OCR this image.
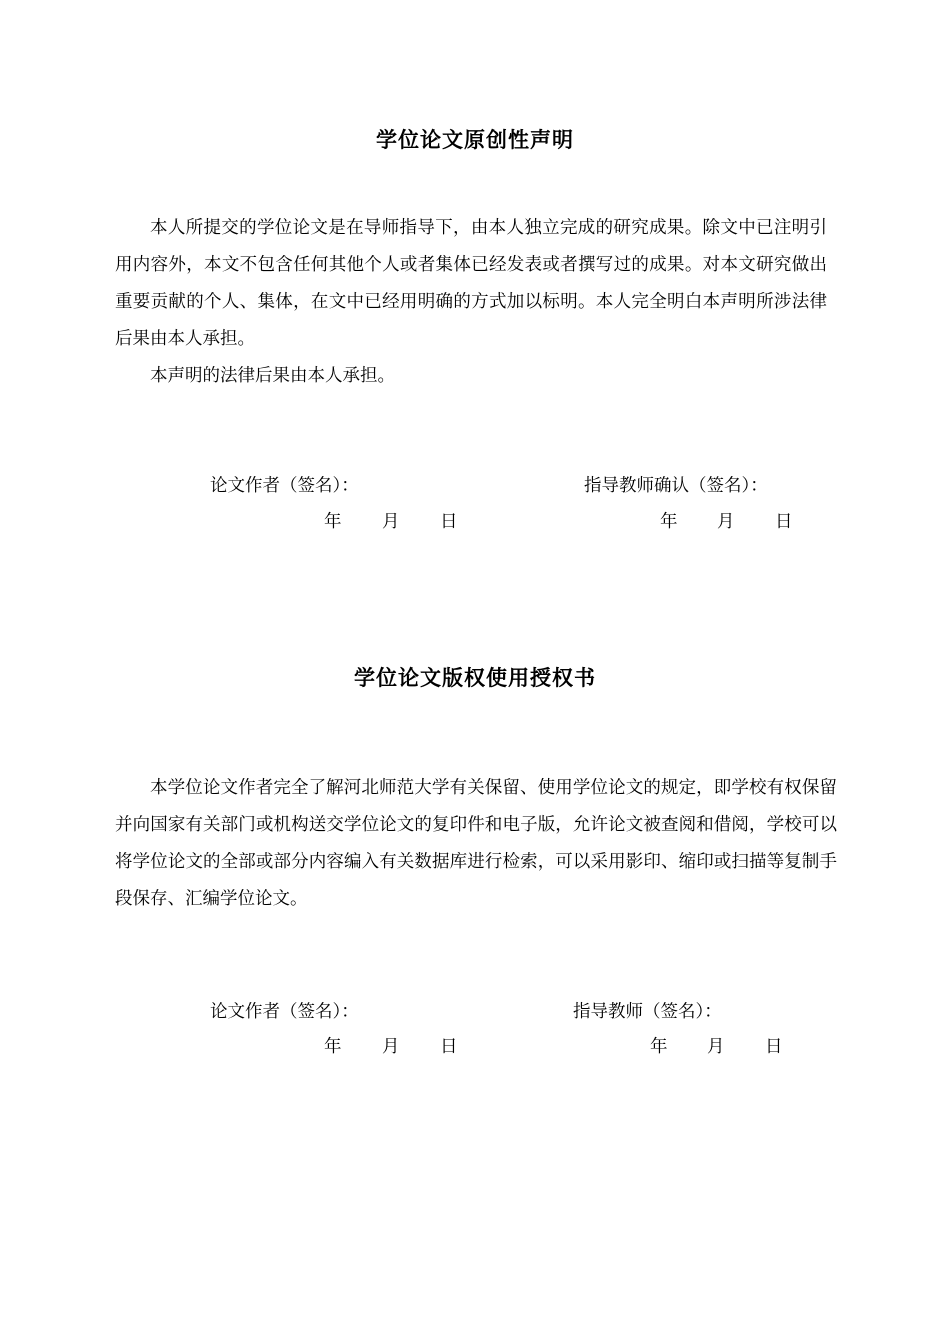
学位论文原创性声明

本人所提交的学位论文是在导师指导下，由本人独立完成的研究成果。除文中已注明引用内容外，本文不包含任何其他个人或者集体已经发表或者撰写过的成果。对本文研究做出重要贡献的个人、集体，在文中已经用明确的方式加以标明。本人完全明白本声明所涉法律后果由本人承担。

本声明的法律后果由本人承担。

论文作者（签名）：	指导教师确认（签名）：
年 月 日	年 月 日
学位论文版权使用授权书

本学位论文作者完全了解河北师范大学有关保留、使用学位论文的规定，即学校有权保留并向国家有关部门或机构送交学位论文的复印件和电子版，允许论文被查阅和借阅，学校可以将学位论文的全部或部分内容编入有关数据库进行检索，可以采用影印、缩印或扫描等复制手段保存、汇编学位论文。

论文作者（签名）：	指导教师（签名）：
年 月 日	年 月 日
